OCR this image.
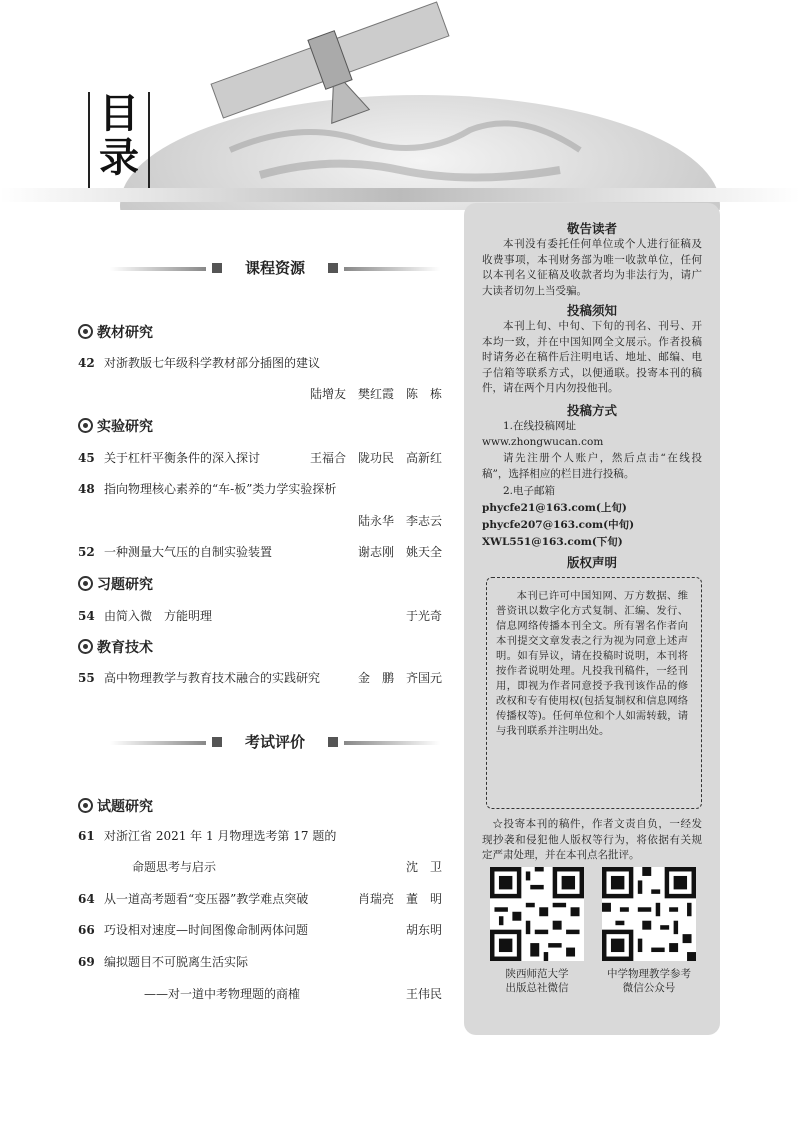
目
录
课程资源
教材研究
42 对浙教版七年级科学教材部分插图的建议
陆增友　樊红霞　陈　栋
实验研究
45 关于杠杆平衡条件的深入探讨	王福合　陇功民　高新红
48 指向物理核心素养的“车-板”类力学实验探析
陆永华　李志云
52 一种测量大气压的自制实验装置	谢志刚　姚天全
习题研究
54 由简入微　方能明理	于光奇
教育技术
55 高中物理教学与教育技术融合的实践研究	金　鹏　齐国元
考试评价
试题研究
61 对浙江省 2021 年 1 月物理选考第 17 题的
命题思考与启示	沈　卫
64 从一道高考题看“变压器”教学难点突破	肖瑞亮　董　明
66 巧设相对速度—时间图像命制两体问题	胡东明
69 编拟题目不可脱离生活实际
——对一道中考物理题的商榷	王伟民
敬告读者

本刊没有委托任何单位或个人进行征稿及收费事项，本刊财务部为唯一收款单位，任何以本刊名义征稿及收款者均为非法行为，请广大读者切勿上当受骗。

投稿须知

本刊上旬、中旬、下旬的刊名、刊号、开本均一致，并在中国知网全文展示。作者投稿时请务必在稿件后注明电话、地址、邮编、电子信箱等联系方式，以便通联。投寄本刊的稿件，请在两个月内勿投他刊。

投稿方式

1.在线投稿网址

www.zhongwucan.com

请先注册个人账户，然后点击“在线投稿”，选择相应的栏目进行投稿。

2.电子邮箱

phycfe21@163.com(上旬)

phycfe207@163.com(中旬)

XWL551@163.com(下旬)

版权声明

本刊已许可中国知网、万方数据、维普资讯以数字化方式复制、汇编、发行、信息网络传播本刊全文。所有署名作者向本刊提交文章发表之行为视为同意上述声明。如有异议，请在投稿时说明，本刊将按作者说明处理。凡投我刊稿件，一经刊用，即视为作者同意授予我刊该作品的修改权和专有使用权(包括复制权和信息网络传播权等)。任何单位和个人如需转载，请与我刊联系并注明出处。

☆投寄本刊的稿件，作者文责自负，一经发现抄袭和侵犯他人版权等行为，将依据有关规定严肃处理，并在本刊点名批评。

陕西师范大学
出版总社微信
中学物理教学参考
微信公众号
